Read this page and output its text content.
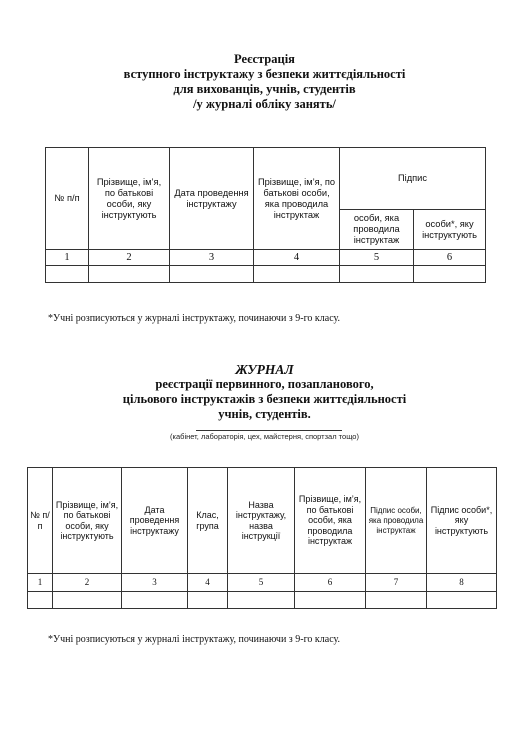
Реєстрація
вступного інструктажу з безпеки життєдіяльності
для вихованців, учнів, студентів
/у журналі обліку занять/
№ п/п	Прізвище, ім’я, по батькові особи, яку інструктують	Дата проведення інструктажу	Прізвище, ім’я, по батькові особи, яка проводила інструктаж	Підпис	
				особи, яка проводила інструктаж	особи*, яку інструктують
1	2	3	4	5	6

*Учні розписуються у журналі інструктажу, починаючи з 9-го класу.
ЖУРНАЛ
реєстрації первинного, позапланового,
цільового інструктажів з безпеки життєдіяльності
учнів, студентів.
(кабінет, лабораторія, цех, майстерня, спортзал тощо)
№ п/п	Прізвище, ім’я, по батькові особи, яку інструктують	Дата проведення інструктажу	Клас, група	Назва інструктажу, назва інструкції	Прізвище, ім’я, по батькові особи, яка проводила інструктаж	Підпис особи, яка проводила інструктаж	Підпис особи*, яку інструктують
1	2	3	4	5	6	7	8

*Учні розписуються у журналі інструктажу, починаючи з 9-го класу.
